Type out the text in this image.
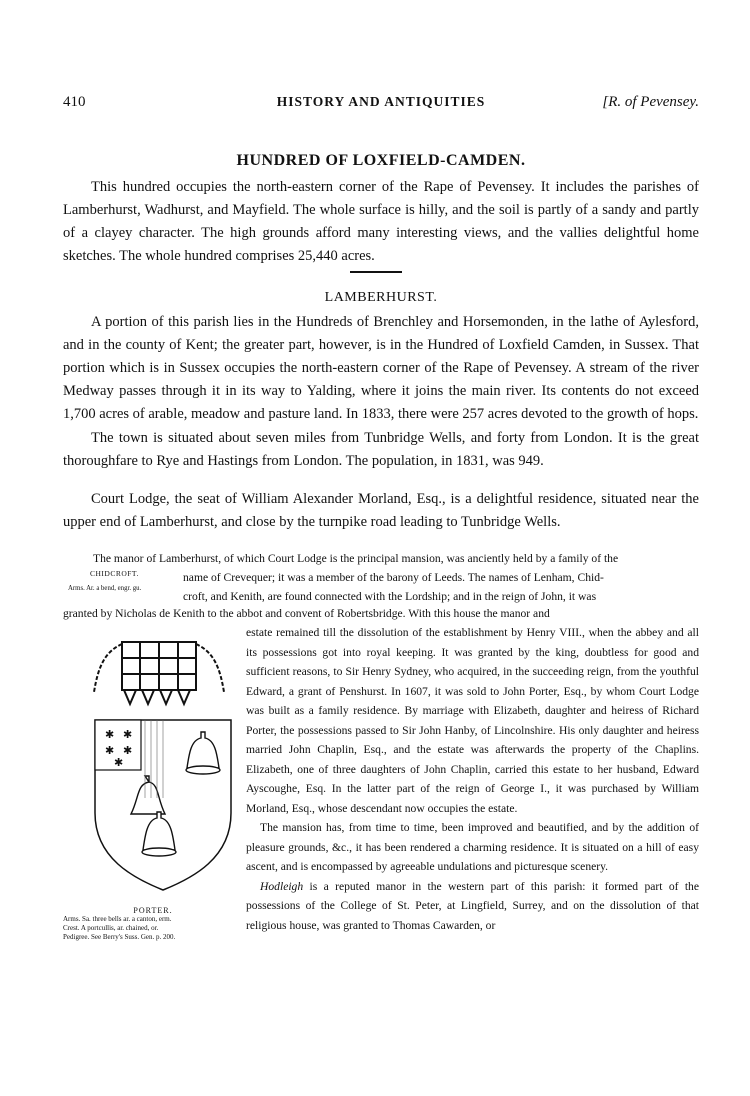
410	HISTORY AND ANTIQUITIES	[R. of Pevensey.
HUNDRED OF LOXFIELD-CAMDEN.
This hundred occupies the north-eastern corner of the Rape of Pevensey. It includes the parishes of Lamberhurst, Wadhurst, and Mayfield. The whole surface is hilly, and the soil is partly of a sandy and partly of a clayey character. The high grounds afford many interesting views, and the vallies delightful home sketches. The whole hundred comprises 25,440 acres.
LAMBERHURST.
A portion of this parish lies in the Hundreds of Brenchley and Horsemonden, in the lathe of Aylesford, and in the county of Kent; the greater part, however, is in the Hundred of Loxfield Camden, in Sussex. That portion which is in Sussex occupies the north-eastern corner of the Rape of Pevensey. A stream of the river Medway passes through it in its way to Yalding, where it joins the main river. Its contents do not exceed 1,700 acres of arable, meadow and pasture land. In 1833, there were 257 acres devoted to the growth of hops.
The town is situated about seven miles from Tunbridge Wells, and forty from London. It is the great thoroughfare to Rye and Hastings from London. The population, in 1831, was 949.
Court Lodge, the seat of William Alexander Morland, Esq., is a delightful residence, situated near the upper end of Lamberhurst, and close by the turnpike road leading to Tunbridge Wells.
The manor of Lamberhurst, of which Court Lodge is the principal mansion, was anciently held by a family of the
name of Crevequer; it was a member of the barony of Leeds. The names of Lenham, Chid-
croft, and Kenith, are found connected with the Lordship; and in the reign of John, it was
granted by Nicholas de Kenith to the abbot and convent of Robertsbridge. With this house the manor and
CHIDCROFT.
Arms. Ar. a bend, engr. gu.
✱ ✱
✱ ✱
✱
PORTER.
Arms. Sa. three bells ar. a canton, erm.
Crest. A portcullis, ar. chained, or.
Pedigree. See Berry's Suss. Gen. p. 200.

estate remained till the dissolution of the establishment by Henry VIII., when the abbey and all its possessions got into royal keeping. It was granted by the king, doubtless for good and sufficient reasons, to Sir Henry Sydney, who acquired, in the succeeding reign, from the youthful Edward, a grant of Penshurst. In 1607, it was sold to John Porter, Esq., by whom Court Lodge was built as a family residence. By marriage with Elizabeth, daughter and heiress of Richard Porter, the possessions passed to Sir John Hanby, of Lincolnshire. His only daughter and heiress married John Chaplin, Esq., and the estate was afterwards the property of the Chaplins. Elizabeth, one of three daughters of John Chaplin, carried this estate to her husband, Edward Ayscoughe, Esq. In the latter part of the reign of George I., it was purchased by William Morland, Esq., whose descendant now occupies the estate.

The mansion has, from time to time, been improved and beautified, and by the addition of pleasure grounds, &c., it has been rendered a charming residence. It is situated on a hill of easy ascent, and is encompassed by agreeable undulations and picturesque scenery.

Hodleigh is a reputed manor in the western part of this parish: it formed part of the possessions of the College of St. Peter, at Lingfield, Surrey, and on the dissolution of that religious house, was granted to Thomas Cawarden, or
